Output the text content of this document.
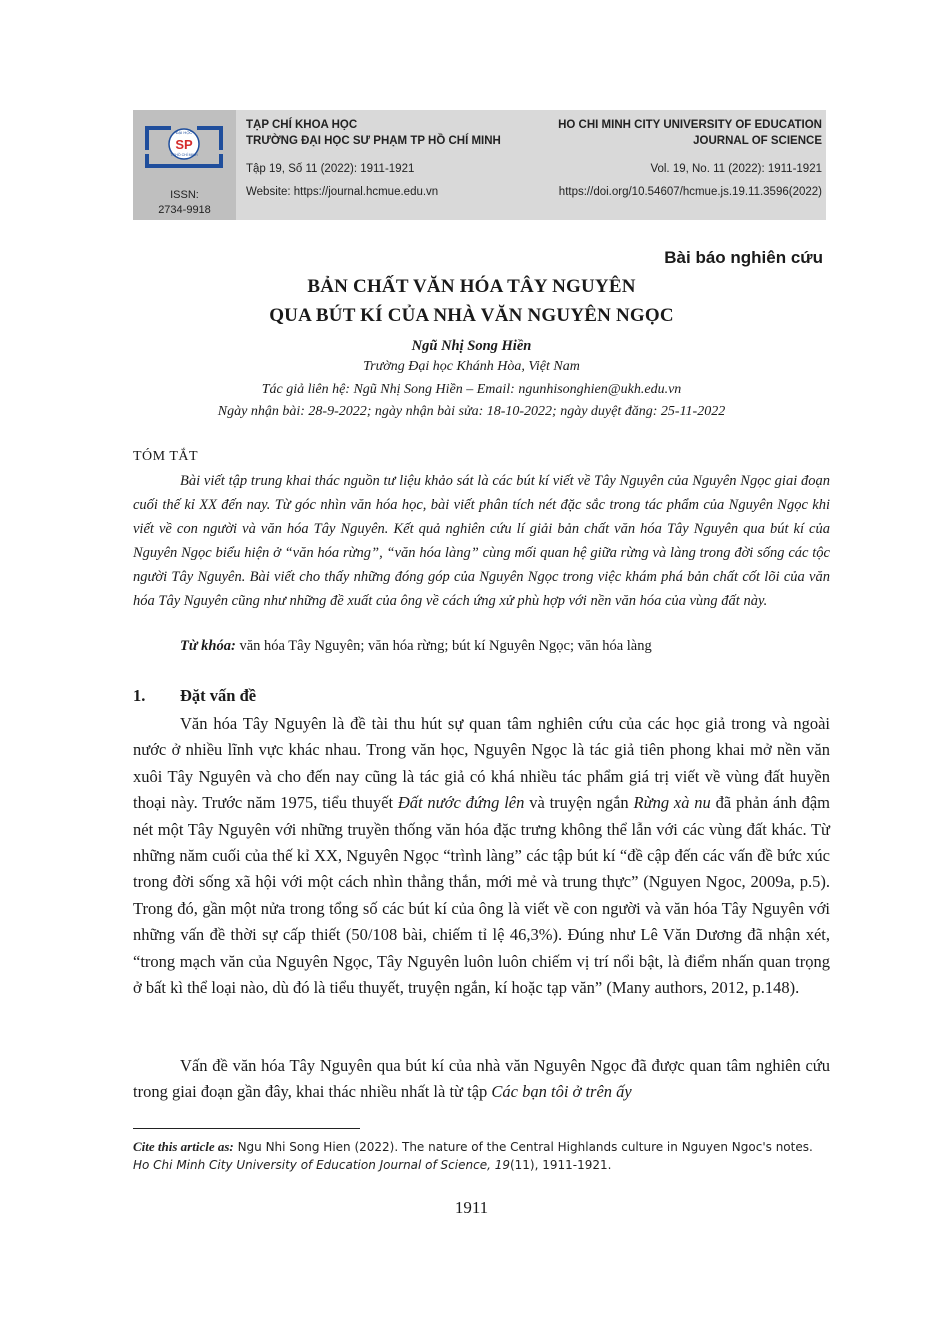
ĐẠI HỌC
SP
TP.HỒ CHÍ MINH
ISSN:
2734-9918
TẠP CHÍ KHOA HỌC
TRƯỜNG ĐẠI HỌC SƯ PHẠM TP HỒ CHÍ MINH
Tập 19, Số 11 (2022): 1911-1921
Website: https://journal.hcmue.edu.vn
HO CHI MINH CITY UNIVERSITY OF EDUCATION
JOURNAL OF SCIENCE
Vol. 19, No. 11 (2022): 1911-1921
https://doi.org/10.54607/hcmue.js.19.11.3596(2022)
Bài báo nghiên cứu
BẢN CHẤT VĂN HÓA TÂY NGUYÊN
QUA BÚT KÍ CỦA NHÀ VĂN NGUYÊN NGỌC
Ngũ Nhị Song Hiền
Trường Đại học Khánh Hòa, Việt Nam
Tác giả liên hệ: Ngũ Nhị Song Hiền – Email: ngunhisonghien@ukh.edu.vn
Ngày nhận bài: 28-9-2022; ngày nhận bài sửa: 18-10-2022; ngày duyệt đăng: 25-11-2022
TÓM TẮT

Bài viết tập trung khai thác nguồn tư liệu khảo sát là các bút kí viết về Tây Nguyên của Nguyên Ngọc giai đoạn cuối thế kỉ XX đến nay. Từ góc nhìn văn hóa học, bài viết phân tích nét đặc sắc trong tác phẩm của Nguyên Ngọc khi viết về con người và văn hóa Tây Nguyên. Kết quả nghiên cứu lí giải bản chất văn hóa Tây Nguyên qua bút kí của Nguyên Ngọc biểu hiện ở “văn hóa rừng”, “văn hóa làng” cùng mối quan hệ giữa rừng và làng trong đời sống các tộc người Tây Nguyên. Bài viết cho thấy những đóng góp của Nguyên Ngọc trong việc khám phá bản chất cốt lõi của văn hóa Tây Nguyên cũng như những đề xuất của ông về cách ứng xử phù hợp với nền văn hóa của vùng đất này.

Từ khóa: văn hóa Tây Nguyên; văn hóa rừng; bút kí Nguyên Ngọc; văn hóa làng
1. Đặt vấn đề

Văn hóa Tây Nguyên là đề tài thu hút sự quan tâm nghiên cứu của các học giả trong và ngoài nước ở nhiều lĩnh vực khác nhau. Trong văn học, Nguyên Ngọc là tác giả tiên phong khai mở nền văn xuôi Tây Nguyên và cho đến nay cũng là tác giả có khá nhiều tác phẩm giá trị viết về vùng đất huyền thoại này. Trước năm 1975, tiểu thuyết Đất nước đứng lên và truyện ngắn Rừng xà nu đã phản ánh đậm nét một Tây Nguyên với những truyền thống văn hóa đặc trưng không thể lẫn với các vùng đất khác. Từ những năm cuối của thế kỉ XX, Nguyên Ngọc “trình làng” các tập bút kí “đề cập đến các vấn đề bức xúc trong đời sống xã hội với một cách nhìn thẳng thắn, mới mẻ và trung thực” (Nguyen Ngoc, 2009a, p.5). Trong đó, gần một nửa trong tổng số các bút kí của ông là viết về con người và văn hóa Tây Nguyên với những vấn đề thời sự cấp thiết (50/108 bài, chiếm tỉ lệ 46,3%). Đúng như Lê Văn Dương đã nhận xét, “trong mạch văn của Nguyên Ngọc, Tây Nguyên luôn luôn chiếm vị trí nổi bật, là điểm nhấn quan trọng ở bất kì thể loại nào, dù đó là tiểu thuyết, truyện ngắn, kí hoặc tạp văn” (Many authors, 2012, p.148).

Vấn đề văn hóa Tây Nguyên qua bút kí của nhà văn Nguyên Ngọc đã được quan tâm nghiên cứu trong giai đoạn gần đây, khai thác nhiều nhất là từ tập Các bạn tôi ở trên ấy

Cite this article as: Ngu Nhi Song Hien (2022). The nature of the Central Highlands culture in Nguyen Ngoc's notes. Ho Chi Minh City University of Education Journal of Science, 19(11), 1911-1921.

1911
